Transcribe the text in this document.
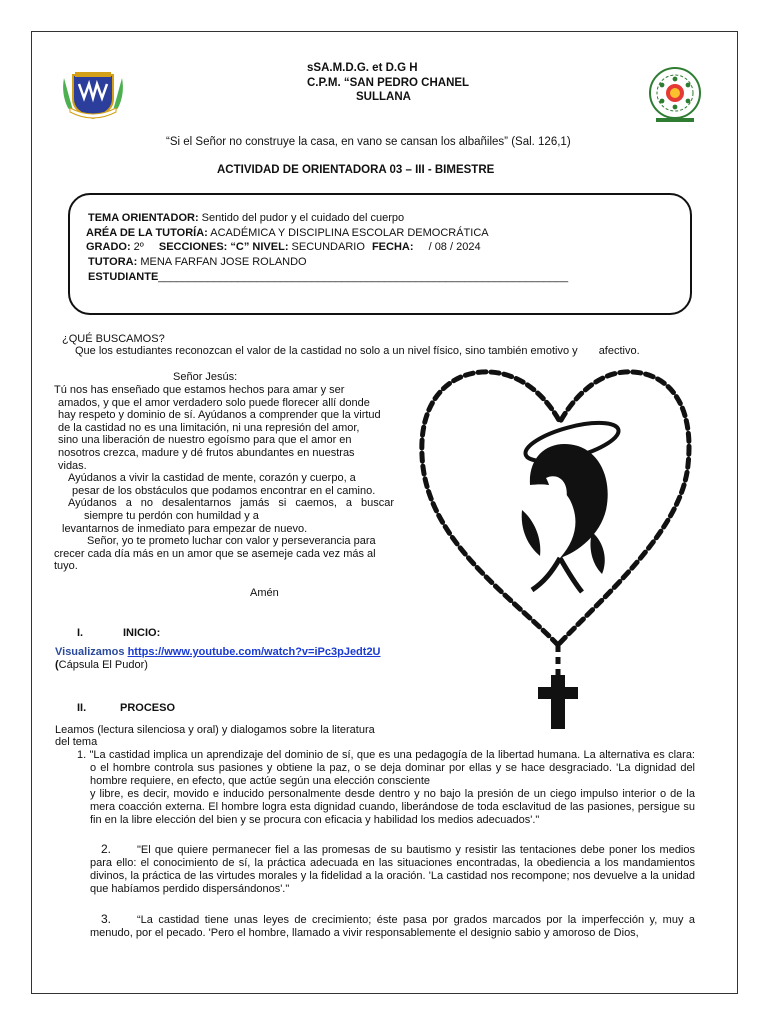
sSA.M.D.G. et D.G H
C.P.M. “SAN PEDRO CHANEL
SULLANA
“Si el Señor no construye la casa, en vano se cansan los albañiles” (Sal. 126,1)
ACTIVIDAD DE ORIENTADORA 03 – III - BIMESTRE
TEMA ORIENTADOR: Sentido del pudor y el cuidado del cuerpo
ARÉA DE LA TUTORÍA: ACADÉMICA Y DISCIPLINA ESCOLAR DEMOCRÁTICA
GRADO: 2º SECCIONES: “C” NIVEL: SECUNDARIO FECHA: / 08 / 2024
TUTORA: MENA FARFAN JOSE ROLANDO
ESTUDIANTE___________________________________________________________________
¿QUÉ BUSCAMOS?
Que los estudiantes reconozcan el valor de la castidad no solo a un nivel físico, sino también emotivo y afectivo.
Señor Jesús:

Tú nos has enseñado que estamos hechos para amar y ser

amados, y que el amor verdadero solo puede florecer allí donde

hay respeto y dominio de sí. Ayúdanos a comprender que la virtud

de la castidad no es una limitación, ni una represión del amor,

sino una liberación de nuestro egoísmo para que el amor en

nosotros crezca, madure y dé frutos abundantes en nuestras

vidas.

Ayúdanos a vivir la castidad de mente, corazón y cuerpo, a

pesar de los obstáculos que podamos encontrar en el camino.

Ayúdanos a no desalentarnos jamás si caemos, a buscar

siempre tu perdón con humildad y a

levantarnos de inmediato para empezar de nuevo.

Señor, yo te prometo luchar con valor y perseverancia para

crecer cada día más en un amor que se asemeje cada vez más al

tuyo.

Amén
I.	INICIO:
Visualizamos https://www.youtube.com/watch?v=iPc3pJedt2U
(Cápsula El Pudor)
II.	PROCESO
Leamos (lectura silenciosa y oral) y dialogamos sobre la literatura
del tema

1. "La castidad implica un aprendizaje del dominio de sí, que es una pedagogía de la libertad humana. La alternativa es clara: o el hombre controla sus pasiones y obtiene la paz, o se deja dominar por ellas y se hace desgraciado. 'La dignidad del hombre requiere, en efecto, que actúe según una elección consciente

y libre, es decir, movido e inducido personalmente desde dentro y no bajo la presión de un ciego impulso interior o de la mera coacción externa. El hombre logra esta dignidad cuando, liberándose de toda esclavitud de las pasiones, persigue su fin en la libre elección del bien y se procura con eficacia y habilidad los medios adecuados'."

2. "El que quiere permanecer fiel a las promesas de su bautismo y resistir las tentaciones debe poner los medios para ello: el conocimiento de sí, la práctica adecuada en las situaciones encontradas, la obediencia a los mandamientos divinos, la práctica de las virtudes morales y la fidelidad a la oración. 'La castidad nos recompone; nos devuelve a la unidad que habíamos perdido dispersándonos'."

3. “La castidad tiene unas leyes de crecimiento; éste pasa por grados marcados por la imperfección y, muy a menudo, por el pecado. 'Pero el hombre, llamado a vivir responsablemente el designio sabio y amoroso de Dios,
